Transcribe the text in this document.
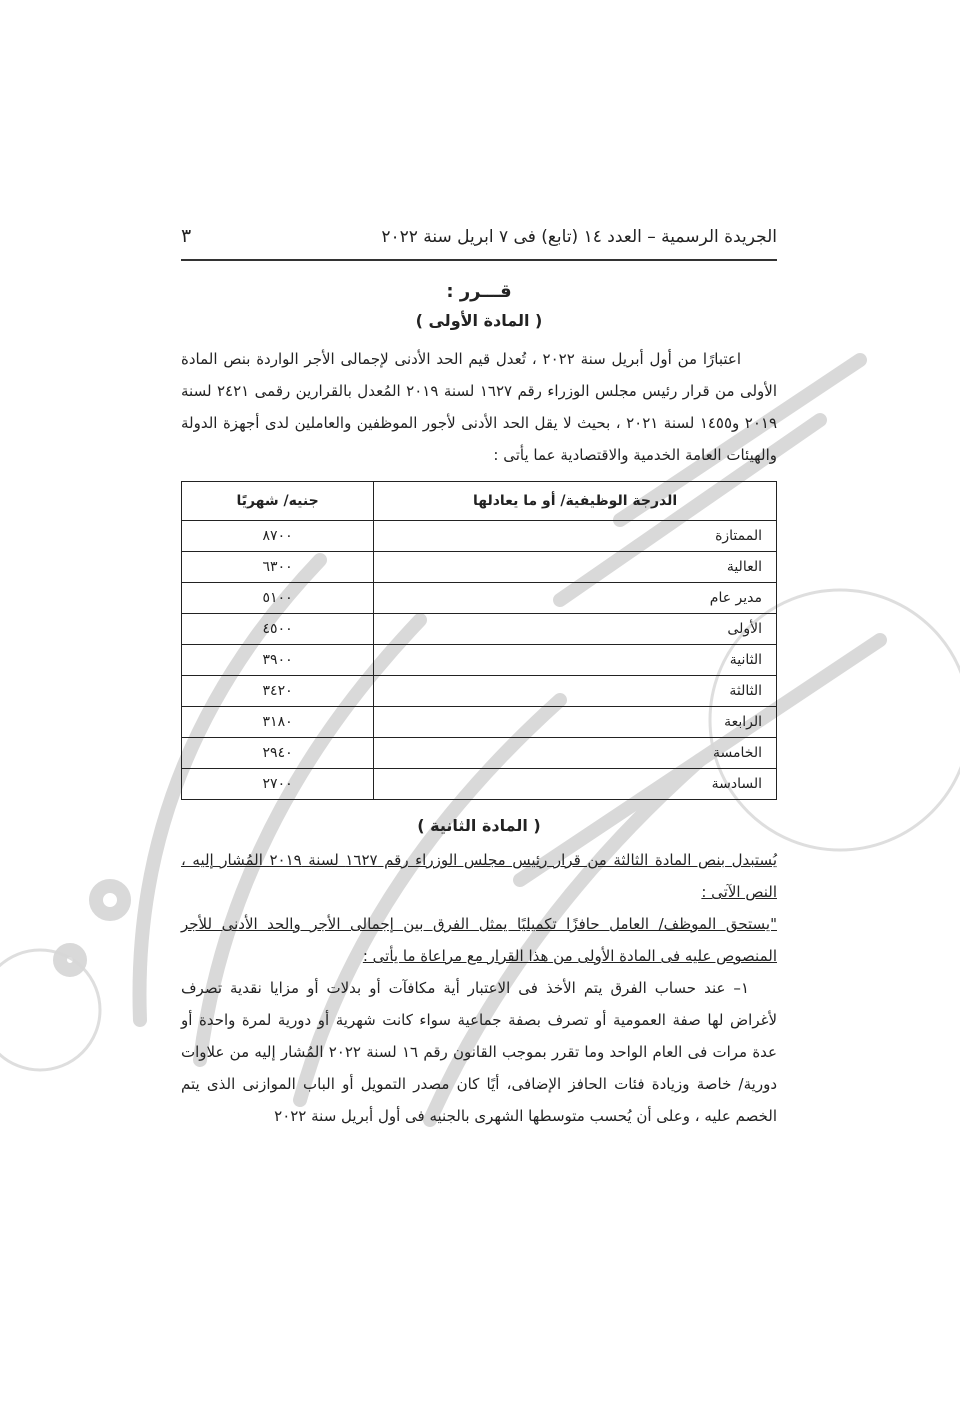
الجريدة الرسمية – العدد ١٤ (تابع) فى ٧ ابريل سنة ٢٠٢٢
٣
قـــرر :
( المادة الأولى )

اعتبارًا من أول أبريل سنة ٢٠٢٢ ، تُعدل قيم الحد الأدنى لإجمالى الأجر الواردة بنص المادة الأولى من قرار رئيس مجلس الوزراء رقم ١٦٢٧ لسنة ٢٠١٩ المُعدل بالقرارين رقمى ٢٤٢١ لسنة ٢٠١٩ و١٤٥٥ لسنة ٢٠٢١ ، بحيث لا يقل الحد الأدنى لأجور الموظفين والعاملين لدى أجهزة الدولة والهيئات العامة الخدمية والاقتصادية عما يأتى :

الدرجة الوظيفية/ أو ما يعادلها	جنيه/ شهريًا
الممتازة	٨٧٠٠
العالية	٦٣٠٠
مدير عام	٥١٠٠
الأولى	٤٥٠٠
الثانية	٣٩٠٠
الثالثة	٣٤٢٠
الرابعة	٣١٨٠
الخامسة	٢٩٤٠
السادسة	٢٧٠٠
( المادة الثانية )

يُستبدل بنص المادة الثالثة من قرار رئيس مجلس الوزراء رقم ١٦٢٧ لسنة ٢٠١٩ المُشار إليه ، النص الآتى :

"يستحق الموظف/ العامل حافزًا تكميليًا يمثل الفرق بين إجمالى الأجر والحد الأدنى للأجر المنصوص عليه فى المادة الأولى من هذا القرار مع مراعاة ما يأتى :

١– عند حساب الفرق يتم الأخذ فى الاعتبار أية مكافآت أو بدلات أو مزايا نقدية تصرف لأغراض لها صفة العمومية أو تصرف بصفة جماعية سواء كانت شهرية أو دورية لمرة واحدة أو عدة مرات فى العام الواحد وما تقرر بموجب القانون رقم ١٦ لسنة ٢٠٢٢ المُشار إليه من علاوات دورية/ خاصة وزيادة فئات الحافز الإضافى، أيًا كان مصدر التمويل أو الباب الموازنى الذى يتم الخصم عليه ، وعلى أن يُحسب متوسطها الشهرى بالجنيه فى أول أبريل سنة ٢٠٢٢
